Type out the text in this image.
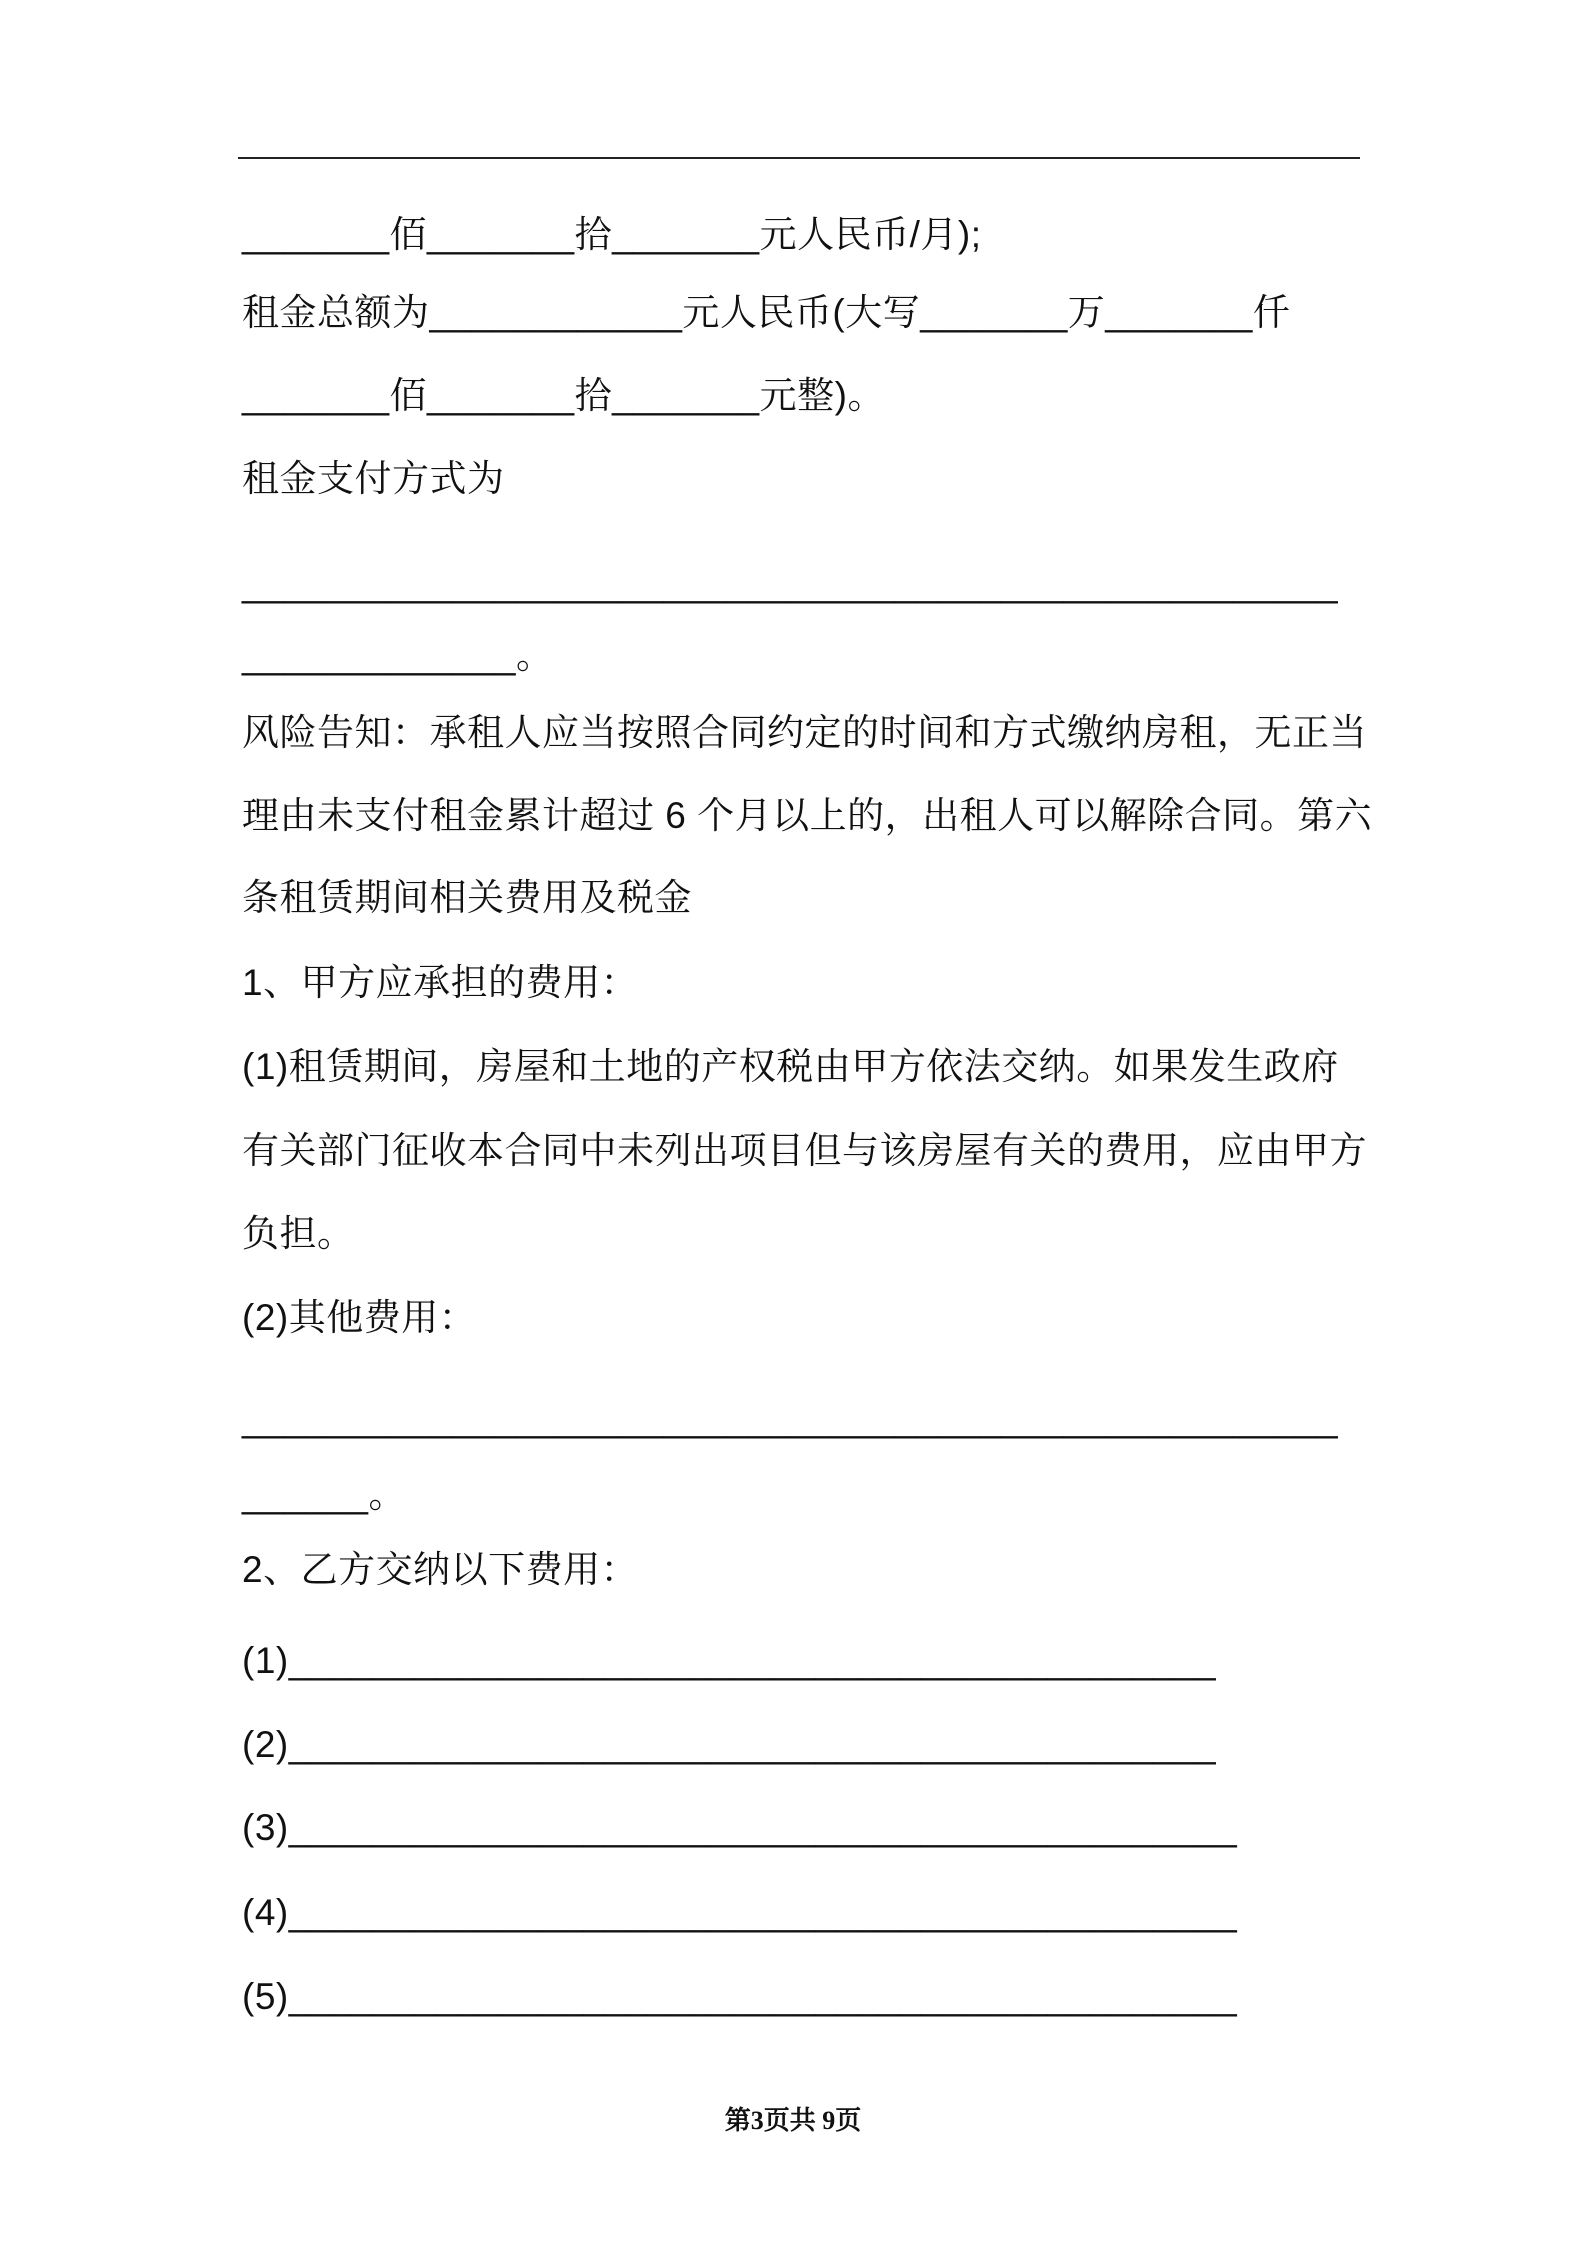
_______佰_______拾_______元人民币/月);
租金总额为____________元人民币(大写_______万_______仟
_______佰_______拾_______元整)。
租金支付方式为
____________________________________________________
_____________。
风险告知：承租人应当按照合同约定的时间和方式缴纳房租，无正当
理由未支付租金累计超过 6 个月以上的，出租人可以解除合同。第六
条租赁期间相关费用及税金
1、甲方应承担的费用：
(1)租赁期间，房屋和土地的产权税由甲方依法交纳。如果发生政府
有关部门征收本合同中未列出项目但与该房屋有关的费用，应由甲方
负担。
(2)其他费用：
____________________________________________________
______。
2、乙方交纳以下费用：
(1)____________________________________________
(2)____________________________________________
(3)_____________________________________________
(4)_____________________________________________
(5)_____________________________________________
第3页共 9页
